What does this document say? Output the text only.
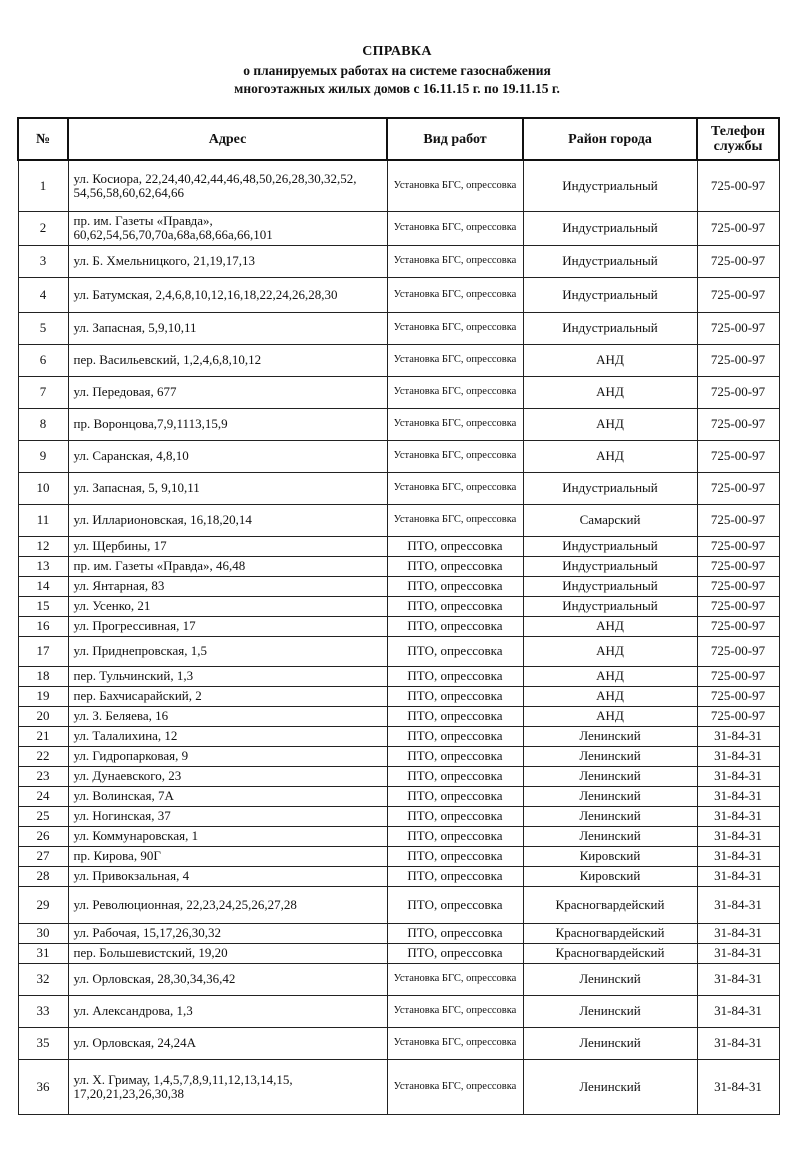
СПРАВКА
о планируемых работах на системе газоснабжения
многоэтажных жилых домов с 16.11.15 г. по 19.11.15 г.
№	Адрес	Вид работ	Район города	Телефон службы
1	ул. Косиора, 22,24,40,42,44,46,48,50,26,28,30,32,52, 54,56,58,60,62,64,66	Установка БГС, опрессовка	Индустриальный	725-00-97
2	пр. им. Газеты «Правда», 60,62,54,56,70,70а,68а,68,66а,66,101	Установка БГС, опрессовка	Индустриальный	725-00-97
3	ул. Б. Хмельницкого, 21,19,17,13	Установка БГС, опрессовка	Индустриальный	725-00-97
4	ул. Батумская, 2,4,6,8,10,12,16,18,22,24,26,28,30	Установка БГС, опрессовка	Индустриальный	725-00-97
5	ул. Запасная, 5,9,10,11	Установка БГС, опрессовка	Индустриальный	725-00-97
6	пер. Васильевский, 1,2,4,6,8,10,12	Установка БГС, опрессовка	АНД	725-00-97
7	ул. Передовая, 677	Установка БГС, опрессовка	АНД	725-00-97
8	пр. Воронцова,7,9,1113,15,9	Установка БГС, опрессовка	АНД	725-00-97
9	ул. Саранская, 4,8,10	Установка БГС, опрессовка	АНД	725-00-97
10	ул. Запасная, 5, 9,10,11	Установка БГС, опрессовка	Индустриальный	725-00-97
11	ул. Илларионовская, 16,18,20,14	Установка БГС, опрессовка	Самарский	725-00-97
12	ул. Щербины, 17	ПТО, опрессовка	Индустриальный	725-00-97
13	пр. им. Газеты «Правда», 46,48	ПТО, опрессовка	Индустриальный	725-00-97
14	ул. Янтарная, 83	ПТО, опрессовка	Индустриальный	725-00-97
15	ул. Усенко, 21	ПТО, опрессовка	Индустриальный	725-00-97
16	ул. Прогрессивная, 17	ПТО, опрессовка	АНД	725-00-97
17	ул. Приднепровская, 1,5	ПТО, опрессовка	АНД	725-00-97
18	пер. Тульчинский, 1,3	ПТО, опрессовка	АНД	725-00-97
19	пер. Бахчисарайский, 2	ПТО, опрессовка	АНД	725-00-97
20	ул. З. Беляева, 16	ПТО, опрессовка	АНД	725-00-97
21	ул. Талалихина, 12	ПТО, опрессовка	Ленинский	31-84-31
22	ул. Гидропарковая, 9	ПТО, опрессовка	Ленинский	31-84-31
23	ул. Дунаевского, 23	ПТО, опрессовка	Ленинский	31-84-31
24	ул. Волинская, 7А	ПТО, опрессовка	Ленинский	31-84-31
25	ул. Ногинская, 37	ПТО, опрессовка	Ленинский	31-84-31
26	ул. Коммунаровская, 1	ПТО, опрессовка	Ленинский	31-84-31
27	пр. Кирова, 90Г	ПТО, опрессовка	Кировский	31-84-31
28	ул. Привокзальная, 4	ПТО, опрессовка	Кировский	31-84-31
29	ул. Революционная, 22,23,24,25,26,27,28	ПТО, опрессовка	Красногвардейский	31-84-31
30	ул. Рабочая, 15,17,26,30,32	ПТО, опрессовка	Красногвардейский	31-84-31
31	пер. Большевистский, 19,20	ПТО, опрессовка	Красногвардейский	31-84-31
32	ул. Орловская, 28,30,34,36,42	Установка БГС, опрессовка	Ленинский	31-84-31
33	ул. Александрова, 1,3	Установка БГС, опрессовка	Ленинский	31-84-31
35	ул. Орловская, 24,24А	Установка БГС, опрессовка	Ленинский	31-84-31
36	ул. Х. Гримау, 1,4,5,7,8,9,11,12,13,14,15, 17,20,21,23,26,30,38	Установка БГС, опрессовка	Ленинский	31-84-31
